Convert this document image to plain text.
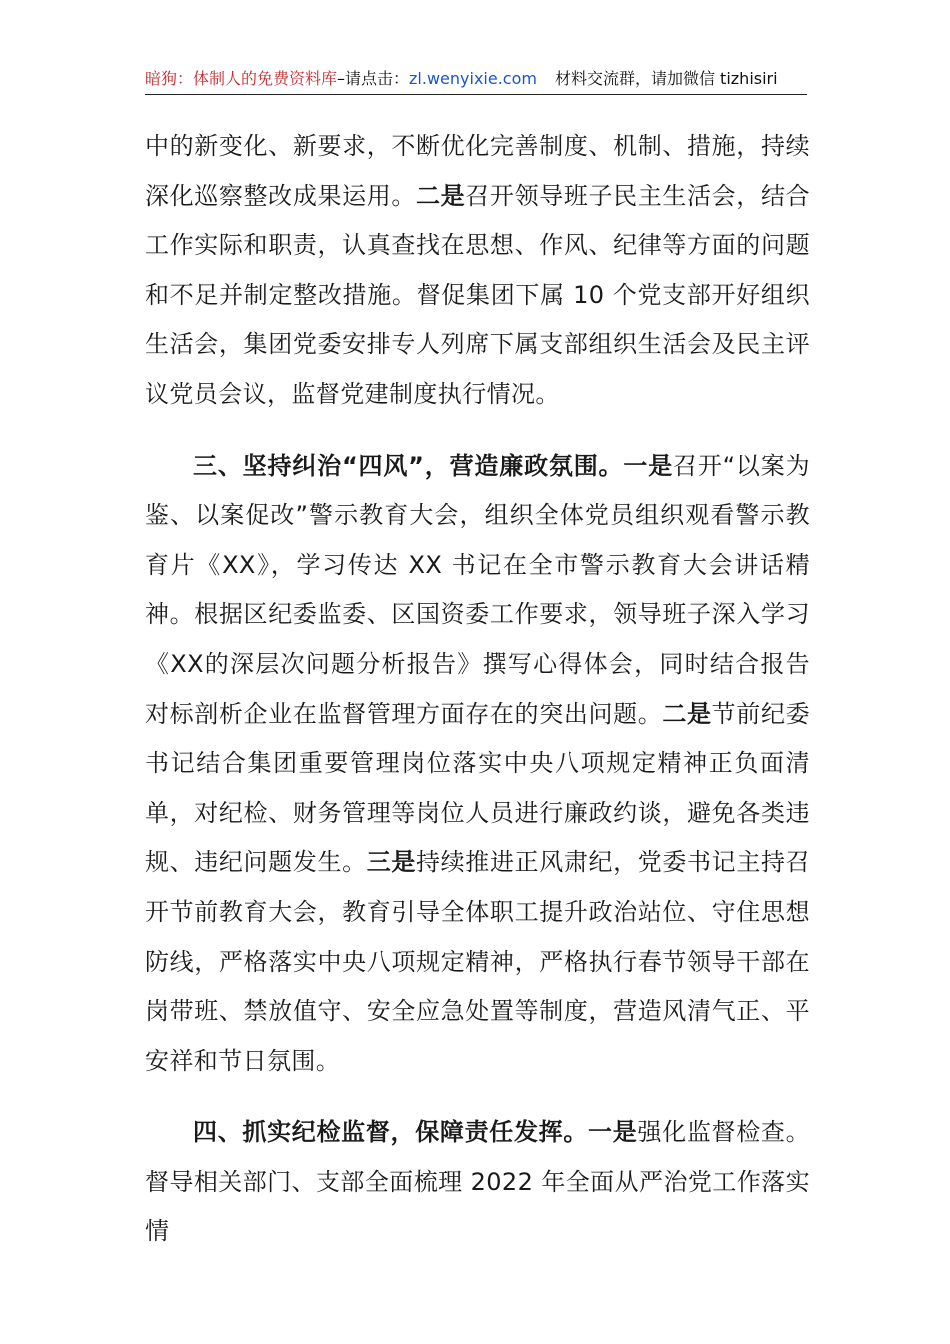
暗狗：体制人的免费资料库–请点击：zl.wenyixie.com 材料交流群，请加微信 tizhisiri

中的新变化、新要求，不断优化完善制度、机制、措施，持续深化巡察整改成果运用。二是召开领导班子民主生活会，结合工作实际和职责，认真查找在思想、作风、纪律等方面的问题和不足并制定整改措施。督促集团下属 10 个党支部开好组织生活会，集团党委安排专人列席下属支部组织生活会及民主评议党员会议，监督党建制度执行情况。

三、坚持纠治“四风”，营造廉政氛围。一是召开“以案为鉴、以案促改”警示教育大会，组织全体党员组织观看警示教育片《XX》，学习传达 XX 书记在全市警示教育大会讲话精神。根据区纪委监委、区国资委工作要求，领导班子深入学习《XX的深层次问题分析报告》撰写心得体会，同时结合报告对标剖析企业在监督管理方面存在的突出问题。二是节前纪委书记结合集团重要管理岗位落实中央八项规定精神正负面清单，对纪检、财务管理等岗位人员进行廉政约谈，避免各类违规、违纪问题发生。三是持续推进正风肃纪，党委书记主持召开节前教育大会，教育引导全体职工提升政治站位、守住思想防线，严格落实中央八项规定精神，严格执行春节领导干部在岗带班、禁放值守、安全应急处置等制度，营造风清气正、平安祥和节日氛围。

四、抓实纪检监督，保障责任发挥。一是强化监督检查。督导相关部门、支部全面梳理 2022 年全面从严治党工作落实情
